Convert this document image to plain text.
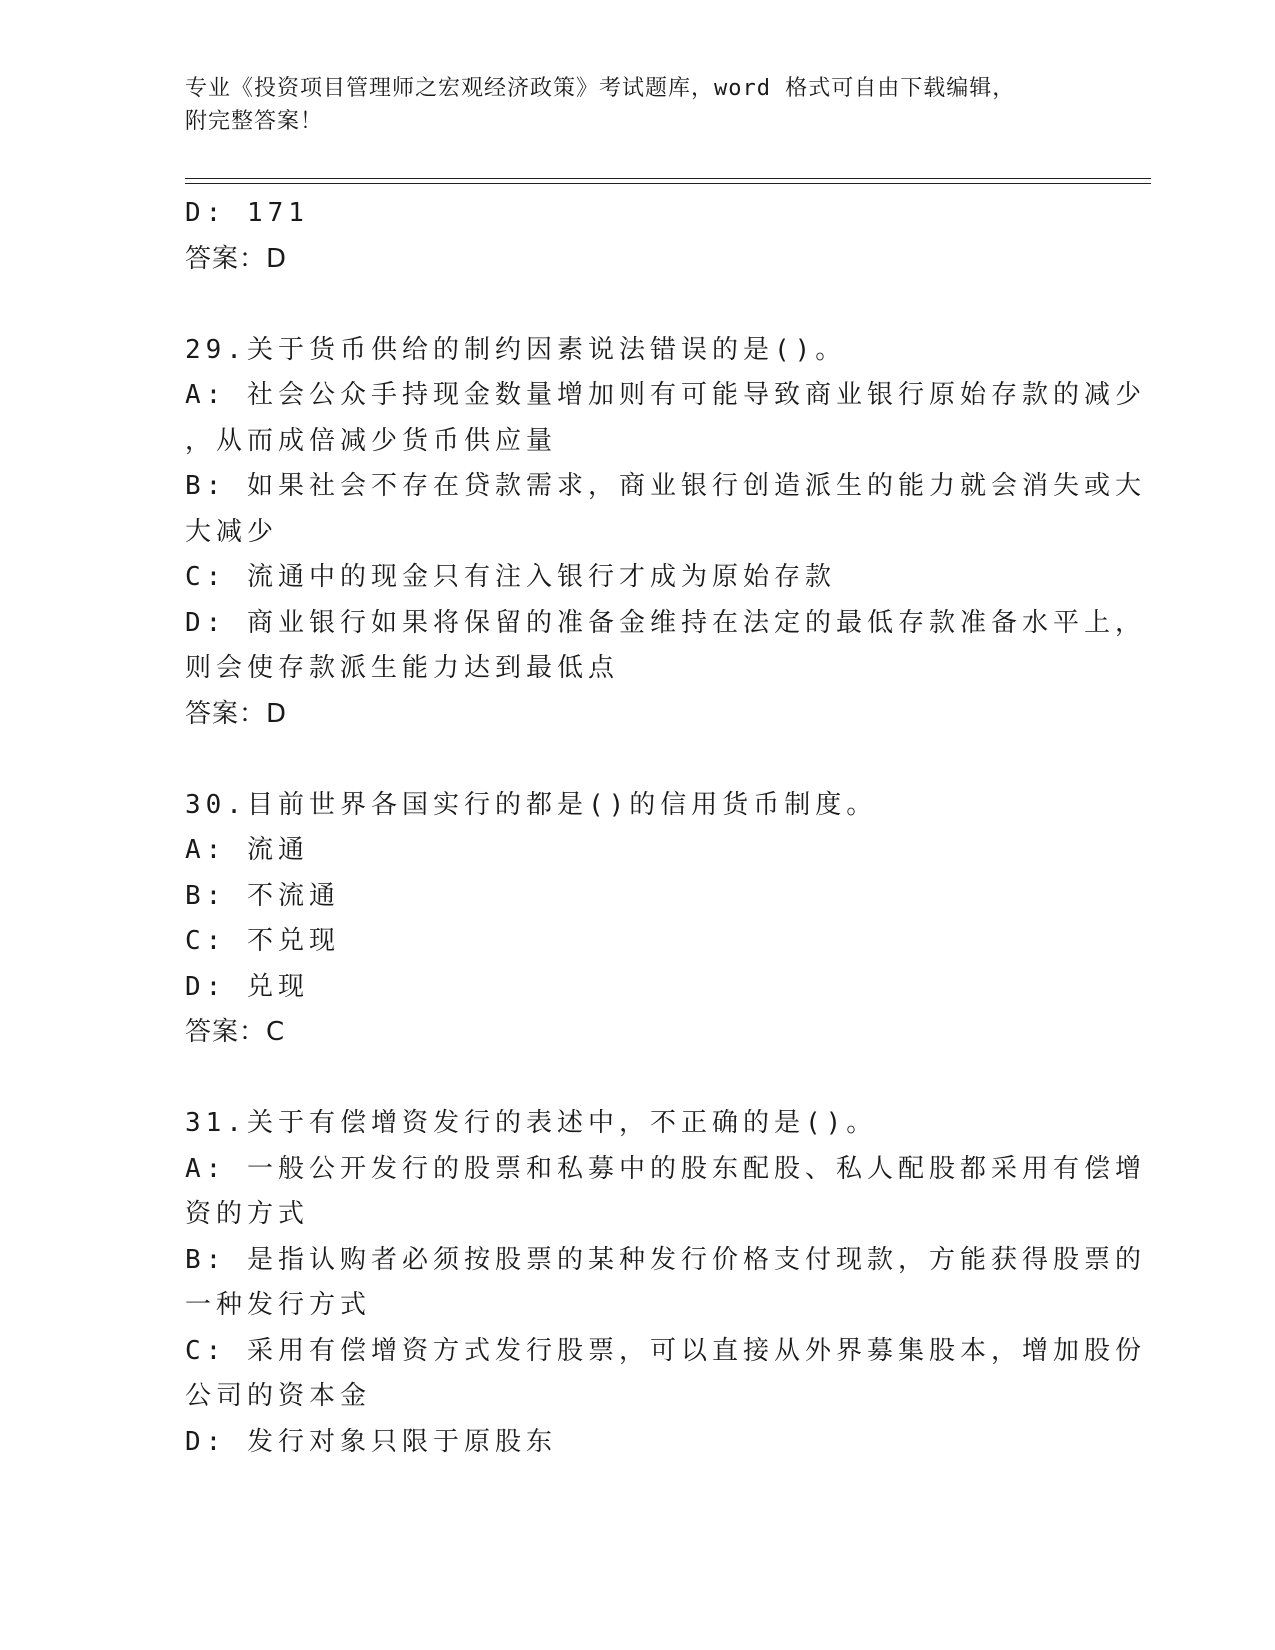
专业《投资项目管理师之宏观经济政策》考试题库，word 格式可自由下载编辑，
附完整答案！
D: 171
答案：D
29.关于货币供给的制约因素说法错误的是()。
A: 社会公众手持现金数量增加则有可能导致商业银行原始存款的减少
，从而成倍减少货币供应量
B: 如果社会不存在贷款需求，商业银行创造派生的能力就会消失或大
大减少
C: 流通中的现金只有注入银行才成为原始存款
D: 商业银行如果将保留的准备金维持在法定的最低存款准备水平上，
则会使存款派生能力达到最低点
答案：D
30.目前世界各国实行的都是()的信用货币制度。
A: 流通
B: 不流通
C: 不兑现
D: 兑现
答案：C
31.关于有偿增资发行的表述中，不正确的是()。
A: 一般公开发行的股票和私募中的股东配股、私人配股都采用有偿增
资的方式
B: 是指认购者必须按股票的某种发行价格支付现款，方能获得股票的
一种发行方式
C: 采用有偿增资方式发行股票，可以直接从外界募集股本，增加股份
公司的资本金
D: 发行对象只限于原股东
